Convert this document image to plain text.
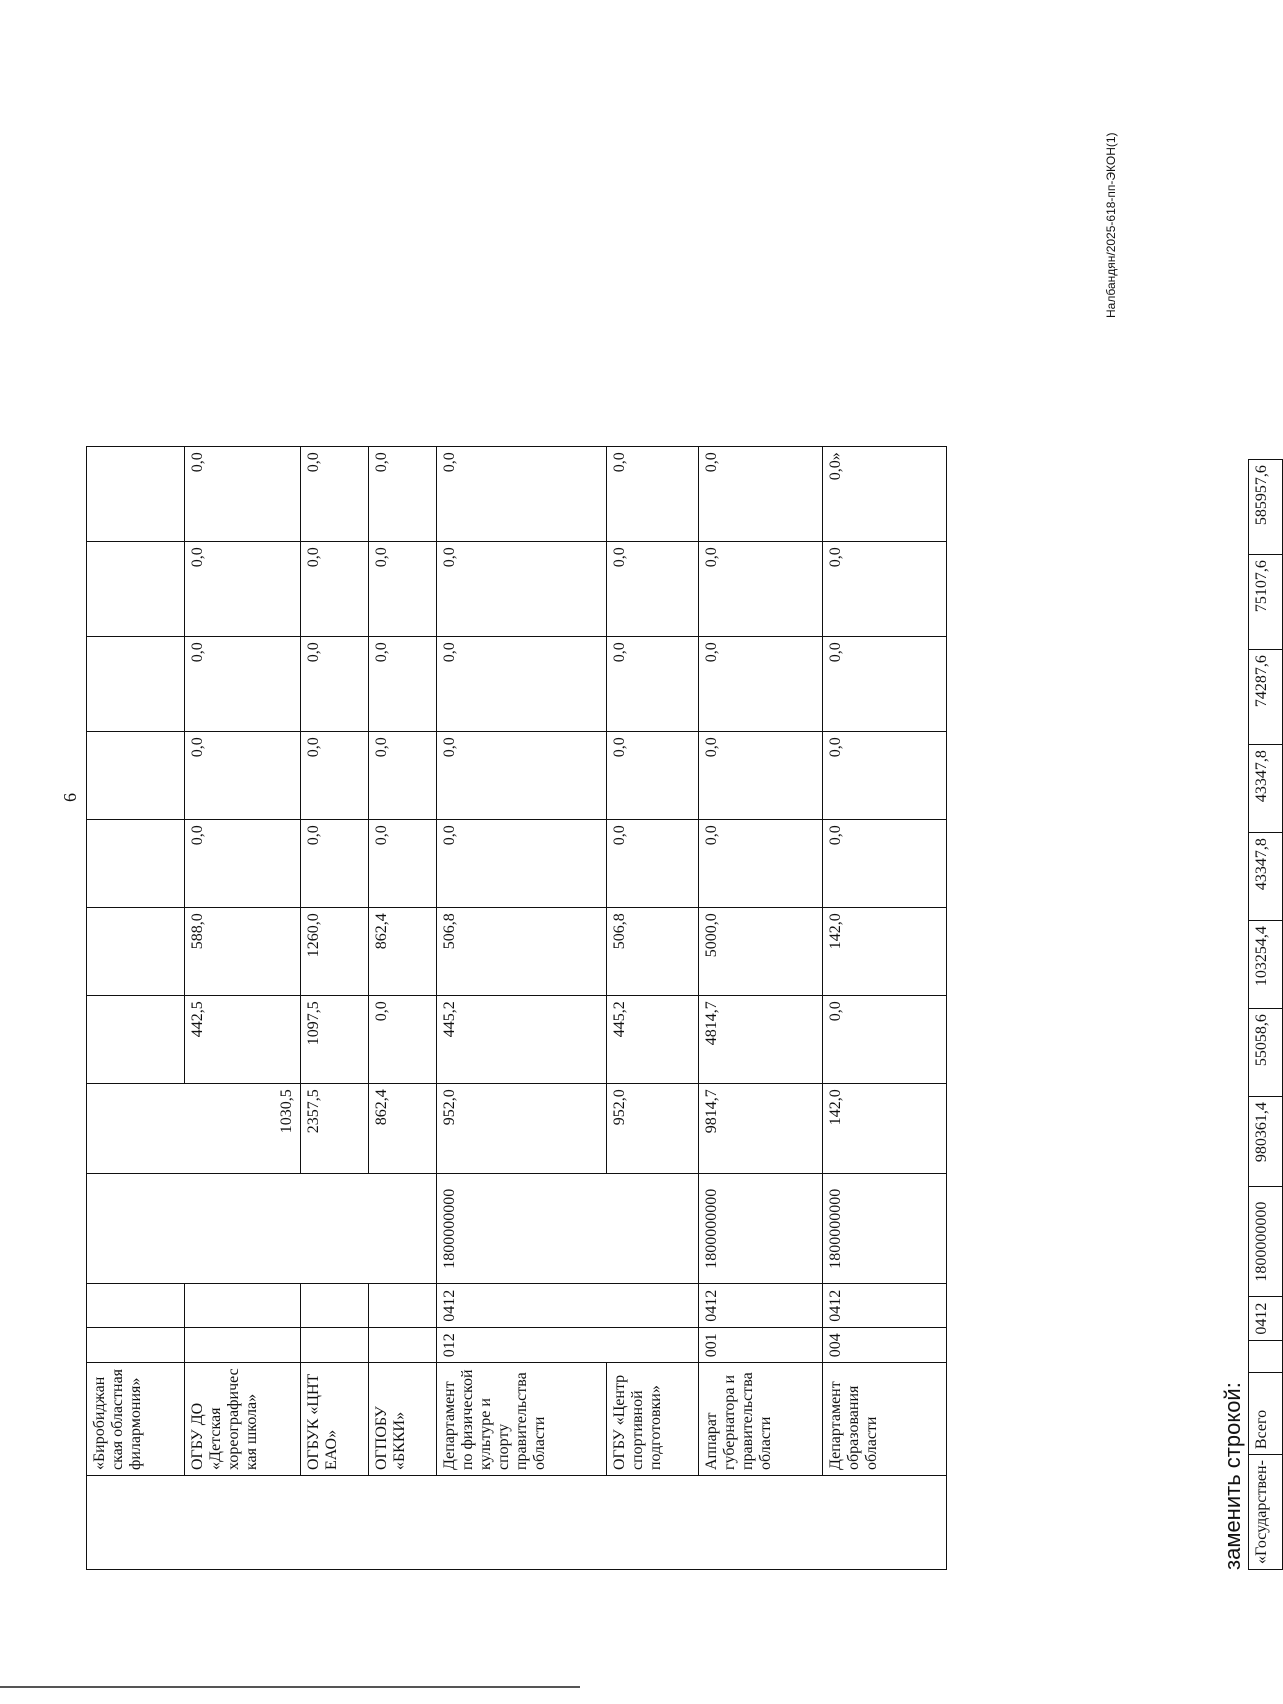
6
Налбандян/2025-618-пп-ЭКОН(1)
	«Биробиджан ская областная филармония»				1030,5							
	ОГБУ ДО «Детская хореографичес кая школа»					442,5	588,0	0,0	0,0	0,0	0,0	0,0
	ОГБУК «ЦНТ ЕАО»				2357,5	1097,5	1260,0	0,0	0,0	0,0	0,0	0,0
	ОГПОБУ «БККИ»				862,4	0,0	862,4	0,0	0,0	0,0	0,0	0,0
	Департамент по физической культуре и спорту правительства области	012	0412	1800000000	952,0	445,2	506,8	0,0	0,0	0,0	0,0	0,0
	ОГБУ «Центр спортивной подготовки»				952,0	445,2	506,8	0,0	0,0	0,0	0,0	0,0
	Аппарат губернатора и правительства области	001	0412	1800000000	9814,7	4814,7	5000,0	0,0	0,0	0,0	0,0	0,0
	Департамент образования области	004	0412	1800000000	142,0	0,0	142,0	0,0	0,0	0,0	0,0	0,0»
заменить строкой: «Государствен-	Всего		0412	1800000000	980361,4	55058,6	103254,4	43347,8	43347,8	74287,6	75107,6	585957,6
